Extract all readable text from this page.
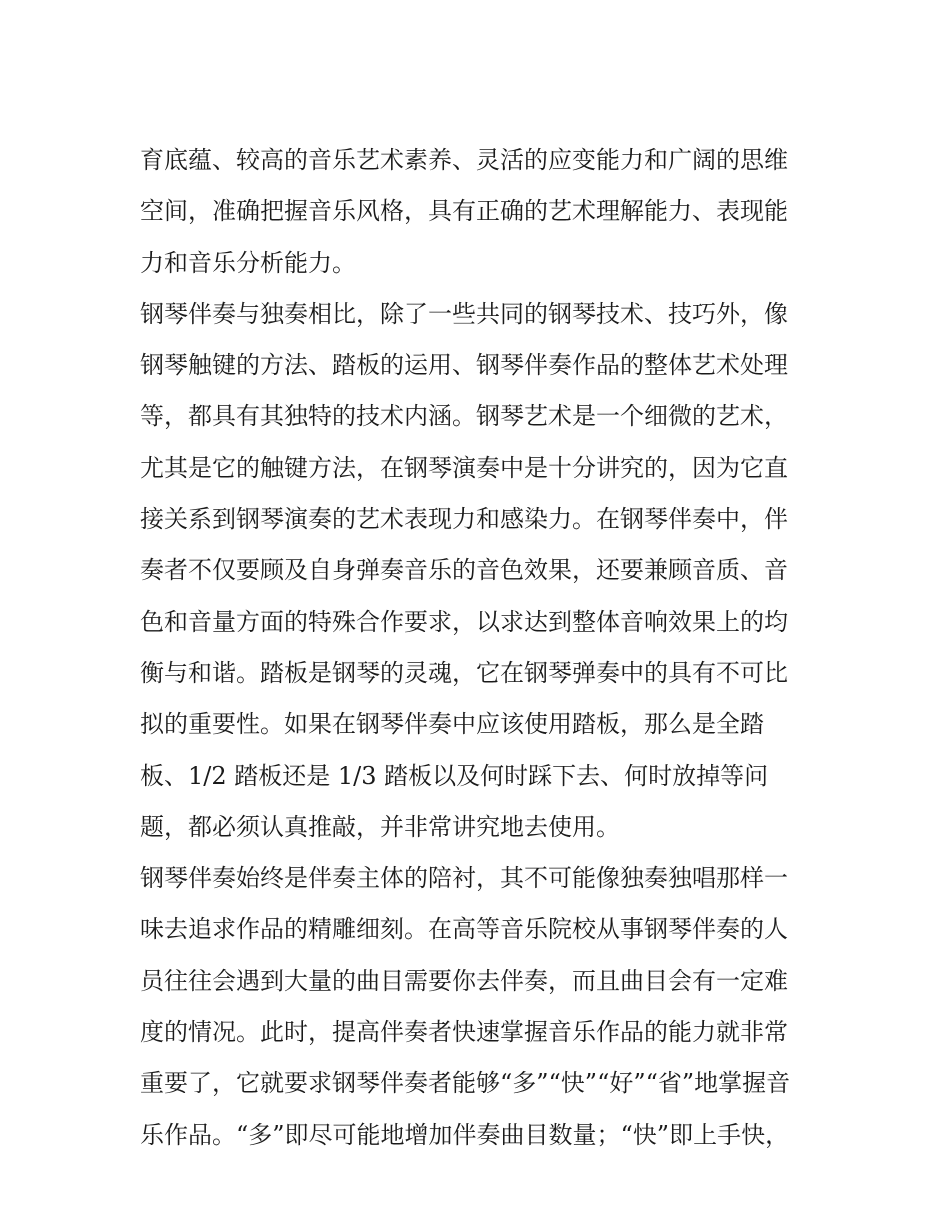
育底蕴、较高的音乐艺术素养、灵活的应变能力和广阔的思维
空间，准确把握音乐风格，具有正确的艺术理解能力、表现能
力和音乐分析能力。
钢琴伴奏与独奏相比，除了一些共同的钢琴技术、技巧外，像
钢琴触键的方法、踏板的运用、钢琴伴奏作品的整体艺术处理
等，都具有其独特的技术内涵。钢琴艺术是一个细微的艺术，
尤其是它的触键方法，在钢琴演奏中是十分讲究的，因为它直
接关系到钢琴演奏的艺术表现力和感染力。在钢琴伴奏中，伴
奏者不仅要顾及自身弹奏音乐的音色效果，还要兼顾音质、音
色和音量方面的特殊合作要求，以求达到整体音响效果上的均
衡与和谐。踏板是钢琴的灵魂，它在钢琴弹奏中的具有不可比
拟的重要性。如果在钢琴伴奏中应该使用踏板，那么是全踏
板、1/2 踏板还是 1/3 踏板以及何时踩下去、何时放掉等问
题，都必须认真推敲，并非常讲究地去使用。
钢琴伴奏始终是伴奏主体的陪衬，其不可能像独奏独唱那样一
味去追求作品的精雕细刻。在高等音乐院校从事钢琴伴奏的人
员往往会遇到大量的曲目需要你去伴奏，而且曲目会有一定难
度的情况。此时，提高伴奏者快速掌握音乐作品的能力就非常
重要了，它就要求钢琴伴奏者能够“多”“快”“好”“省”地掌握音
乐作品。“多”即尽可能地增加伴奏曲目数量；“快”即上手快，
